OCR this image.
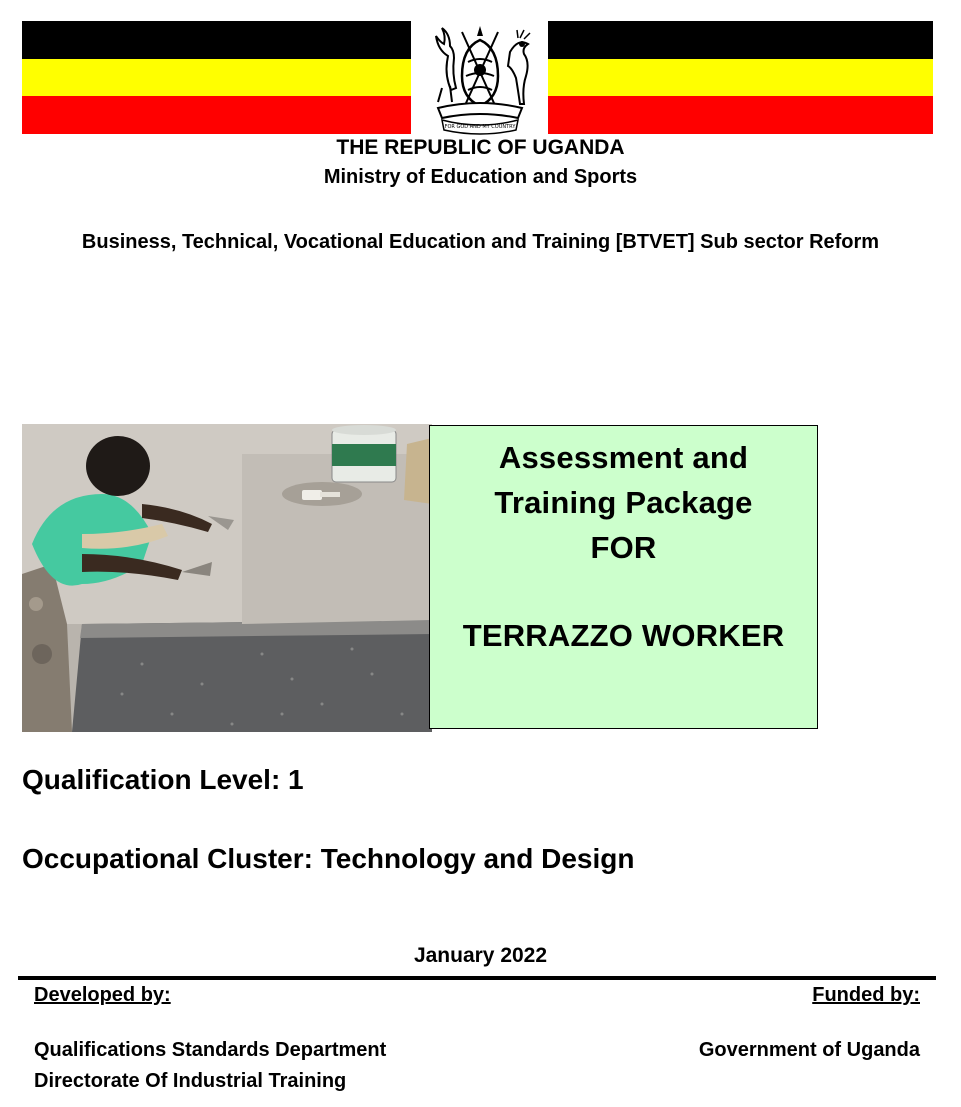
FOR GOD AND MY COUNTRY
THE REPUBLIC OF UGANDA
Ministry of Education and Sports
Business, Technical, Vocational Education and Training [BTVET] Sub sector Reform
Assessment and
Training Package
FOR
TERRAZZO WORKER
Qualification Level: 1
Occupational Cluster: Technology and Design
January 2022
Developed by:	Funded by:
Qualifications Standards Department
Directorate Of Industrial Training
Government of Uganda
